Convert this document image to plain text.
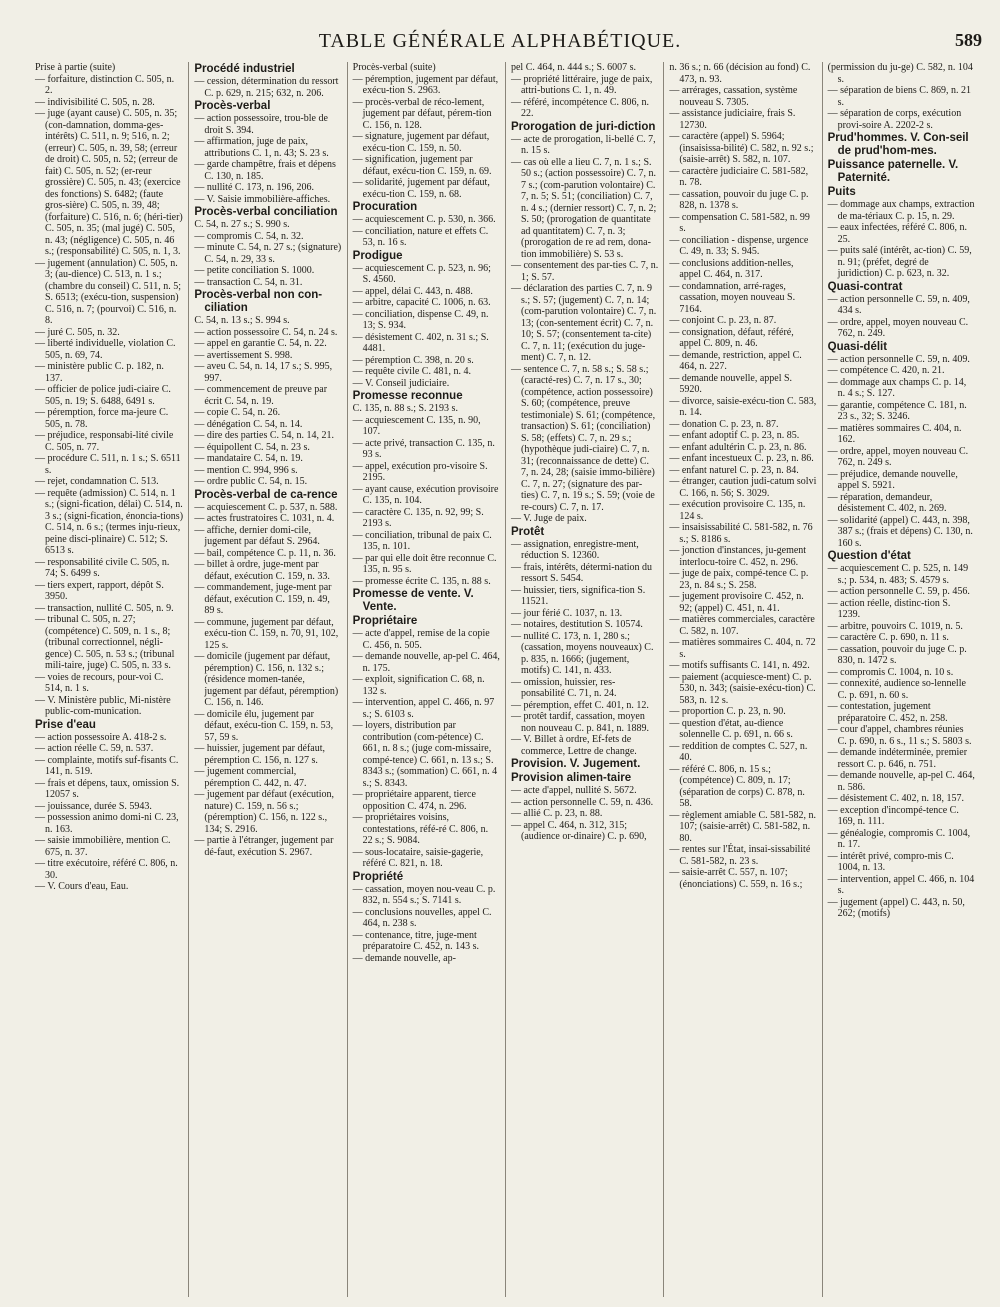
TABLE GÉNÉRALE ALPHABÉTIQUE.	589

Prise à partie (suite)

— forfaiture, distinction C. 505, n. 2.

— indivisibilité C. 505, n. 28.

— juge (ayant cause) C. 505, n. 35; (con-damnation, domma-ges-intérêts) C. 511, n. 9; 516, n. 2; (erreur) C. 505, n. 39, 58; (erreur de droit) C. 505, n. 52; (erreur de fait) C. 505, n. 52; (er-reur grossière) C. 505, n. 43; (exercice des fonctions) S. 6482; (faute gros-sière) C. 505, n. 39, 48; (forfaiture) C. 516, n. 6; (héri-tier) C. 505, n. 35; (mal jugé) C. 505, n. 43; (négligence) C. 505, n. 46 s.; (responsabilité) C. 505, n. 1, 3.

— jugement (annulation) C. 505, n. 3; (au-dience) C. 513, n. 1 s.; (chambre du conseil) C. 511, n. 5; S. 6513; (exécu-tion, suspension) C. 516, n. 7; (pourvoi) C. 516, n. 8.

— juré C. 505, n. 32.

— liberté individuelle, violation C. 505, n. 69, 74.

— ministère public C. p. 182, n. 137.

— officier de police judi-ciaire C. 505, n. 19; S. 6488, 6491 s.

— péremption, force ma-jeure C. 505, n. 78.

— préjudice, responsabi-lité civile C. 505, n. 77.

— procédure C. 511, n. 1 s.; S. 6511 s.

— rejet, condamnation C. 513.

— requête (admission) C. 514, n. 1 s.; (signi-fication, délai) C. 514, n. 3 s.; (signi-fication, énoncia-tions) C. 514, n. 6 s.; (termes inju-rieux, peine disci-plinaire) C. 512; S. 6513 s.

— responsabilité civile C. 505, n. 74; S. 6499 s.

— tiers expert, rapport, dépôt S. 3950.

— transaction, nullité C. 505, n. 9.

— tribunal C. 505, n. 27; (compétence) C. 509, n. 1 s., 8; (tribunal correctionnel, négli-gence) C. 505, n. 53 s.; (tribunal mili-taire, juge) C. 505, n. 33 s.

— voies de recours, pour-voi C. 514, n. 1 s.

— V. Ministère public, Mi-nistère public-com-munication.

Prise d'eau

— action possessoire A. 418-2 s.

— action réelle C. 59, n. 537.

— complainte, motifs suf-fisants C. 141, n. 519.

— frais et dépens, taux, omission S. 12057 s.

— jouissance, durée S. 5943.

— possession animo domi-ni C. 23, n. 163.

— saisie immobilière, mention C. 675, n. 37.

— titre exécutoire, référé C. 806, n. 30.

— V. Cours d'eau, Eau.

Procédé industriel

— cession, détermination du ressort C. p. 629, n. 215; 632, n. 206.

Procès-verbal

— action possessoire, trou-ble de droit S. 394.

— affirmation, juge de paix, attributions C. 1, n. 43; S. 23 s.

— garde champêtre, frais et dépens C. 130, n. 185.

— nullité C. 173, n. 196, 206.

— V. Saisie immobilière-affiches.

Procès-verbal conciliation

C. 54, n. 27 s.; S. 990 s.

— compromis C. 54, n. 32.

— minute C. 54, n. 27 s.; (signature) C. 54, n. 29, 33 s.

— petite conciliation S. 1000.

— transaction C. 54, n. 31.

Procès-verbal non con-ciliation

C. 54, n. 13 s.; S. 994 s.

— action possessoire C. 54, n. 24 s.

— appel en garantie C. 54, n. 22.

— avertissement S. 998.

— aveu C. 54, n. 14, 17 s.; S. 995, 997.

— commencement de preuve par écrit C. 54, n. 19.

— copie C. 54, n. 26.

— dénégation C. 54, n. 14.

— dire des parties C. 54, n. 14, 21.

— équipollent C. 54, n. 23 s.

— mandataire C. 54, n. 19.

— mention C. 994, 996 s.

— ordre public C. 54, n. 15.

Procès-verbal de ca-rence

— acquiescement C. p. 537, n. 588.

— actes frustratoires C. 1031, n. 4.

— affiche, dernier domi-cile, jugement par défaut S. 2964.

— bail, compétence C. p. 11, n. 36.

— billet à ordre, juge-ment par défaut, exécution C. 159, n. 33.

— commandement, juge-ment par défaut, exécution C. 159, n. 49, 89 s.

— commune, jugement par défaut, exécu-tion C. 159, n. 70, 91, 102, 125 s.

— domicile (jugement par défaut, péremption) C. 156, n. 132 s.; (résidence momen-tanée, jugement par défaut, péremption) C. 156, n. 146.

— domicile élu, jugement par défaut, exécu-tion C. 159, n. 53, 57, 59 s.

— huissier, jugement par défaut, péremption C. 156, n. 127 s.

— jugement commercial, péremption C. 442, n. 47.

— jugement par défaut (exécution, nature) C. 159, n. 56 s.; (péremption) C. 156, n. 122 s., 134; S. 2916.

— partie à l'étranger, jugement par dé-faut, exécution S. 2967.

Procès-verbal (suite)

— péremption, jugement par défaut, exécu-tion S. 2963.

— procès-verbal de réco-lement, jugement par défaut, pérem-tion C. 156, n. 128.

— signature, jugement par défaut, exécu-tion C. 159, n. 50.

— signification, jugement par défaut, exécu-tion C. 159, n. 69.

— solidarité, jugement par défaut, exécu-tion C. 159, n. 68.

Procuration

— acquiescement C. p. 530, n. 366.

— conciliation, nature et effets C. 53, n. 16 s.

Prodigue

— acquiescement C. p. 523, n. 96; S. 4560.

— appel, délai C. 443, n. 488.

— arbitre, capacité C. 1006, n. 63.

— conciliation, dispense C. 49, n. 13; S. 934.

— désistement C. 402, n. 31 s.; S. 4481.

— péremption C. 398, n. 20 s.

— requête civile C. 481, n. 4.

— V. Conseil judiciaire.

Promesse reconnue

C. 135, n. 88 s.; S. 2193 s.

— acquiescement C. 135, n. 90, 107.

— acte privé, transaction C. 135, n. 93 s.

— appel, exécution pro-visoire S. 2195.

— ayant cause, exécution provisoire C. 135, n. 104.

— caractère C. 135, n. 92, 99; S. 2193 s.

— conciliation, tribunal de paix C. 135, n. 101.

— par qui elle doit être reconnue C. 135, n. 95 s.

— promesse écrite C. 135, n. 88 s.

Promesse de vente. V. Vente.

Propriétaire

— acte d'appel, remise de la copie C. 456, n. 505.

— demande nouvelle, ap-pel C. 464, n. 175.

— exploit, signification C. 68, n. 132 s.

— intervention, appel C. 466, n. 97 s.; S. 6103 s.

— loyers, distribution par contribution (com-pétence) C. 661, n. 8 s.; (juge com-missaire, compé-tence) C. 661, n. 13 s.; S. 8343 s.; (sommation) C. 661, n. 4 s.; S. 8343.

— propriétaire apparent, tierce opposition C. 474, n. 296.

— propriétaires voisins, contestations, réfé-ré C. 806, n. 22 s.; S. 9084.

— sous-locataire, saisie-gagerie, référé C. 821, n. 18.

Propriété

— cassation, moyen nou-veau C. p. 832, n. 554 s.; S. 7141 s.

— conclusions nouvelles, appel C. 464, n. 238 s.

— contenance, titre, juge-ment préparatoire C. 452, n. 143 s.

— demande nouvelle, ap-

pel C. 464, n. 444 s.; S. 6007 s.

— propriété littéraire, juge de paix, attri-butions C. 1, n. 49.

— référé, incompétence C. 806, n. 22.

Prorogation de juri-diction

— acte de prorogation, li-bellé C. 7, n. 15 s.

— cas où elle a lieu C. 7, n. 1 s.; S. 50 s.; (action possessoire) C. 7, n. 7 s.; (com-parution volontaire) C. 7, n. 5; S. 51; (conciliation) C. 7, n. 4 s.; (dernier ressort) C. 7, n. 2; S. 50; (prorogation de quantitate ad quantitatem) C. 7, n. 3; (prorogation de re ad rem, dona-tion immobilière) S. 53 s.

— consentement des par-ties C. 7, n. 1; S. 57.

— déclaration des parties C. 7, n. 9 s.; S. 57; (jugement) C. 7, n. 14; (com-parution volontaire) C. 7, n. 13; (con-sentement écrit) C. 7, n. 10; S. 57; (consentement ta-cite) C. 7, n. 11; (exécution du juge-ment) C. 7, n. 12.

— sentence C. 7, n. 58 s.; S. 58 s.; (caracté-res) C. 7, n. 17 s., 30; (compétence, action possessoire) S. 60; (compétence, preuve testimoniale) S. 61; (compétence, transaction) S. 61; (conciliation) S. 58; (effets) C. 7, n. 29 s.; (hypothèque judi-ciaire) C. 7, n. 31; (reconnaissance de dette) C. 7, n. 24, 28; (saisie immo-bilière) C. 7, n. 27; (signature des par-ties) C. 7, n. 19 s.; S. 59; (voie de re-cours) C. 7, n. 17.

— V. Juge de paix.

Protêt

— assignation, enregistre-ment, réduction S. 12360.

— frais, intérêts, détermi-nation du ressort S. 5454.

— huissier, tiers, significa-tion S. 11521.

— jour férié C. 1037, n. 13.

— notaires, destitution S. 10574.

— nullité C. 173, n. 1, 280 s.; (cassation, moyens nouveaux) C. p. 835, n. 1666; (jugement, motifs) C. 141, n. 433.

— omission, huissier, res-ponsabilité C. 71, n. 24.

— péremption, effet C. 401, n. 12.

— protêt tardif, cassation, moyen non nouveau C. p. 841, n. 1889.

— V. Billet à ordre, Ef-fets de commerce, Lettre de change.

Provision. V. Jugement.

Provision alimen-taire

— acte d'appel, nullité S. 5672.

— action personnelle C. 59, n. 436.

— allié C. p. 23, n. 88.

— appel C. 464, n. 312, 315; (audience or-dinaire) C. p. 690,

n. 36 s.; n. 66 (décision au fond) C. 473, n. 93.

— arrérages, cassation, système nouveau S. 7305.

— assistance judiciaire, frais S. 12730.

— caractère (appel) S. 5964; (insaisissa-bilité) C. 582, n. 92 s.; (saisie-arrêt) S. 582, n. 107.

— caractère judiciaire C. 581-582, n. 78.

— cassation, pouvoir du juge C. p. 828, n. 1378 s.

— compensation C. 581-582, n. 99 s.

— conciliation - dispense, urgence C. 49, n. 33; S. 945.

— conclusions addition-nelles, appel C. 464, n. 317.

— condamnation, arré-rages, cassation, moyen nouveau S. 7164.

— conjoint C. p. 23, n. 87.

— consignation, défaut, référé, appel C. 809, n. 46.

— demande, restriction, appel C. 464, n. 227.

— demande nouvelle, appel S. 5920.

— divorce, saisie-exécu-tion C. 583, n. 14.

— donation C. p. 23, n. 87.

— enfant adoptif C. p. 23, n. 85.

— enfant adultérin C. p. 23, n. 86.

— enfant incestueux C. p. 23, n. 86.

— enfant naturel C. p. 23, n. 84.

— étranger, caution judi-catum solvi C. 166, n. 56; S. 3029.

— exécution provisoire C. 135, n. 124 s.

— insaisissabilité C. 581-582, n. 76 s.; S. 8186 s.

— jonction d'instances, ju-gement interlocu-toire C. 452, n. 296.

— juge de paix, compé-tence C. p. 23, n. 84 s.; S. 258.

— jugement provisoire C. 452, n. 92; (appel) C. 451, n. 41.

— matières commerciales, caractère C. 582, n. 107.

— matières sommaires C. 404, n. 72 s.

— motifs suffisants C. 141, n. 492.

— paiement (acquiesce-ment) C. p. 530, n. 343; (saisie-exécu-tion) C. 583, n. 12 s.

— proportion C. p. 23, n. 90.

— question d'état, au-dience solennelle C. p. 691, n. 66 s.

— reddition de comptes C. 527, n. 40.

— référé C. 806, n. 15 s.; (compétence) C. 809, n. 17; (séparation de corps) C. 878, n. 58.

— règlement amiable C. 581-582, n. 107; (saisie-arrêt) C. 581-582, n. 80.

— rentes sur l'État, insai-sissabilité C. 581-582, n. 23 s.

— saisie-arrêt C. 557, n. 107; (énonciations) C. 559, n. 16 s.;

(permission du ju-ge) C. 582, n. 104 s.

— séparation de biens C. 869, n. 21 s.

— séparation de corps, exécution provi-soire A. 2202-2 s.

Prud'hommes. V. Con-seil de prud'hom-mes.

Puissance paternelle. V. Paternité.

Puits

— dommage aux champs, extraction de ma-tériaux C. p. 15, n. 29.

— eaux infectées, référé C. 806, n. 25.

— puits salé (intérêt, ac-tion) C. 59, n. 91; (préfet, degré de juridiction) C. p. 623, n. 32.

Quasi-contrat

— action personnelle C. 59, n. 409, 434 s.

— ordre, appel, moyen nouveau C. 762, n. 249.

Quasi-délit

— action personnelle C. 59, n. 409.

— compétence C. 420, n. 21.

— dommage aux champs C. p. 14, n. 4 s.; S. 127.

— garantie, compétence C. 181, n. 23 s., 32; S. 3246.

— matières sommaires C. 404, n. 162.

— ordre, appel, moyen nouveau C. 762, n. 249 s.

— préjudice, demande nouvelle, appel S. 5921.

— réparation, demandeur, désistement C. 402, n. 269.

— solidarité (appel) C. 443, n. 398, 387 s.; (frais et dépens) C. 130, n. 160 s.

Question d'état

— acquiescement C. p. 525, n. 149 s.; p. 534, n. 483; S. 4579 s.

— action personnelle C. 59, p. 456.

— action réelle, distinc-tion S. 1239.

— arbitre, pouvoirs C. 1019, n. 5.

— caractère C. p. 690, n. 11 s.

— cassation, pouvoir du juge C. p. 830, n. 1472 s.

— compromis C. 1004, n. 10 s.

— connexité, audience so-lennelle C. p. 691, n. 60 s.

— contestation, jugement préparatoire C. 452, n. 258.

— cour d'appel, chambres réunies C. p. 690, n. 6 s., 11 s.; S. 5803 s.

— demande indéterminée, premier ressort C. p. 646, n. 751.

— demande nouvelle, ap-pel C. 464, n. 586.

— désistement C. 402, n. 18, 157.

— exception d'incompé-tence C. 169, n. 111.

— généalogie, compromis C. 1004, n. 17.

— intérêt privé, compro-mis C. 1004, n. 13.

— intervention, appel C. 466, n. 104 s.

— jugement (appel) C. 443, n. 50, 262; (motifs)
